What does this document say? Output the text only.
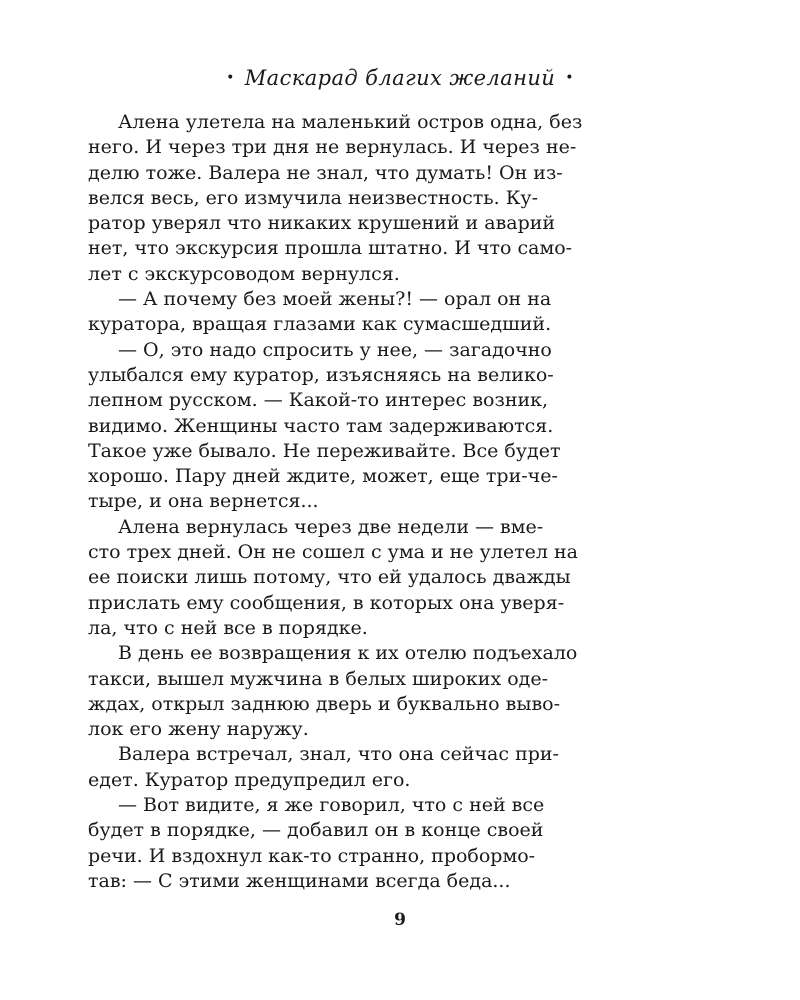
• Маскарад благих желаний •

Алена улетела на маленький остров одна, без
него. И через три дня не вернулась. И через не-
делю тоже. Валера не знал, что думать! Он из-
велся весь, его измучила неизвестность. Ку-
ратор уверял что никаких крушений и аварий
нет, что экскурсия прошла штатно. И что само-
лет с экскурсоводом вернулся.

— А почему без моей жены?! — орал он на
куратора, вращая глазами как сумасшедший.

— О, это надо спросить у нее, — загадочно
улыбался ему куратор, изъясняясь на велико-
лепном русском. — Какой-то интерес возник,
видимо. Женщины часто там задерживаются.
Такое уже бывало. Не переживайте. Все будет
хорошо. Пару дней ждите, может, еще три-че-
тыре, и она вернется...

Алена вернулась через две недели — вме-
сто трех дней. Он не сошел с ума и не улетел на
ее поиски лишь потому, что ей удалось дважды
прислать ему сообщения, в которых она уверя-
ла, что с ней все в порядке.

В день ее возвращения к их отелю подъехало
такси, вышел мужчина в белых широких оде-
ждах, открыл заднюю дверь и буквально выво-
лок его жену наружу.

Валера встречал, знал, что она сейчас при-
едет. Куратор предупредил его.

— Вот видите, я же говорил, что с ней все
будет в порядке, — добавил он в конце своей
речи. И вздохнул как-то странно, пробормо-
тав: — С этими женщинами всегда беда...

9
